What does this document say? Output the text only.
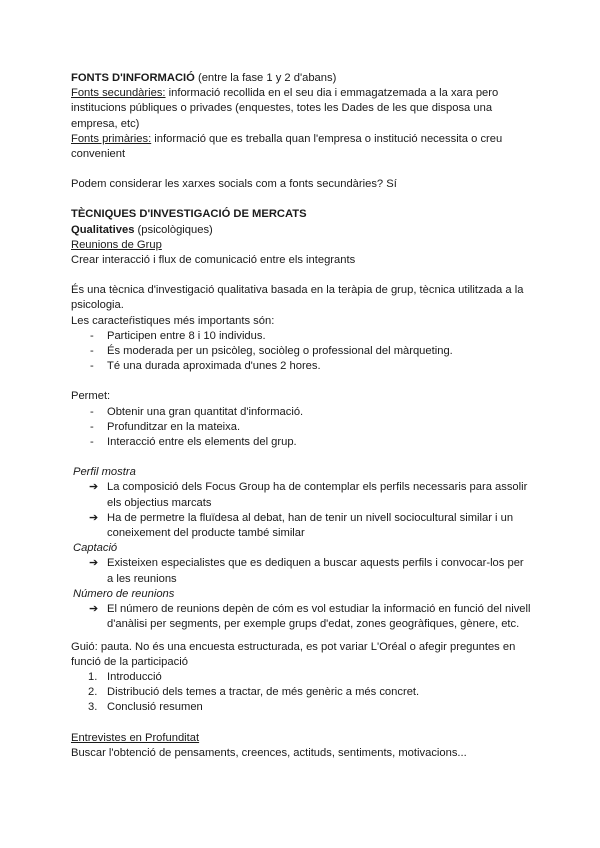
FONTS D'INFORMACIÓ (entre la fase 1 y 2 d'abans)

Fonts secundàries: informació recollida en el seu dia i emmagatzemada a la xara pero institucions públiques o privades (enquestes, totes les Dades de les que disposa una empresa, etc)

Fonts primàries: informació que es treballa quan l'empresa o institució necessita o creu convenient

Podem considerar les xarxes socials com a fonts secundàries? Sí

TÈCNIQUES D'INVESTIGACIÓ DE MERCATS

Qualitatives (psicològiques)

Reunions de Grup

Crear interacció i flux de comunicació entre els integrants

És una tècnica d'investigació qualitativa basada en la teràpia de grup, tècnica utilitzada a la psicologia.

Les caracteŕistiques més importants són:

- Participen entre 8 i 10 individus.
- És moderada per un psicòleg, sociòleg o professional del màrqueting.
- Té una durada aproximada d'unes 2 hores.

Permet:

- Obtenir una gran quantitat d'informació.
- Profunditzar en la mateixa.
- Interacció entre els elements del grup.

Perfil mostra

➔ La composició dels Focus Group ha de contemplar els perfils necessaris para assolir els objectius marcats
➔ Ha de permetre la fluïdesa al debat, han de tenir un nivell sociocultural similar i un coneixement del producte també similar

Captació

➔ Existeixen especialistes que es dediquen a buscar aquests perfils i convocar-los per a les reunions

Número de reunions

➔ El número de reunions depèn de cóm es vol estudiar la informació en funció del nivell d'anàlisi per segments, per exemple grups d'edat, zones geogràfiques, gènere, etc.

Guió: pauta. No és una encuesta estructurada, es pot variar L'Oréal o afegir preguntes en funció de la participació

1. Introducció
2. Distribució dels temes a tractar, de més genèric a més concret.
3. Conclusió resumen

Entrevistes en Profunditat

Buscar l'obtenció de pensaments, creences, actituds, sentiments, motivacions...
